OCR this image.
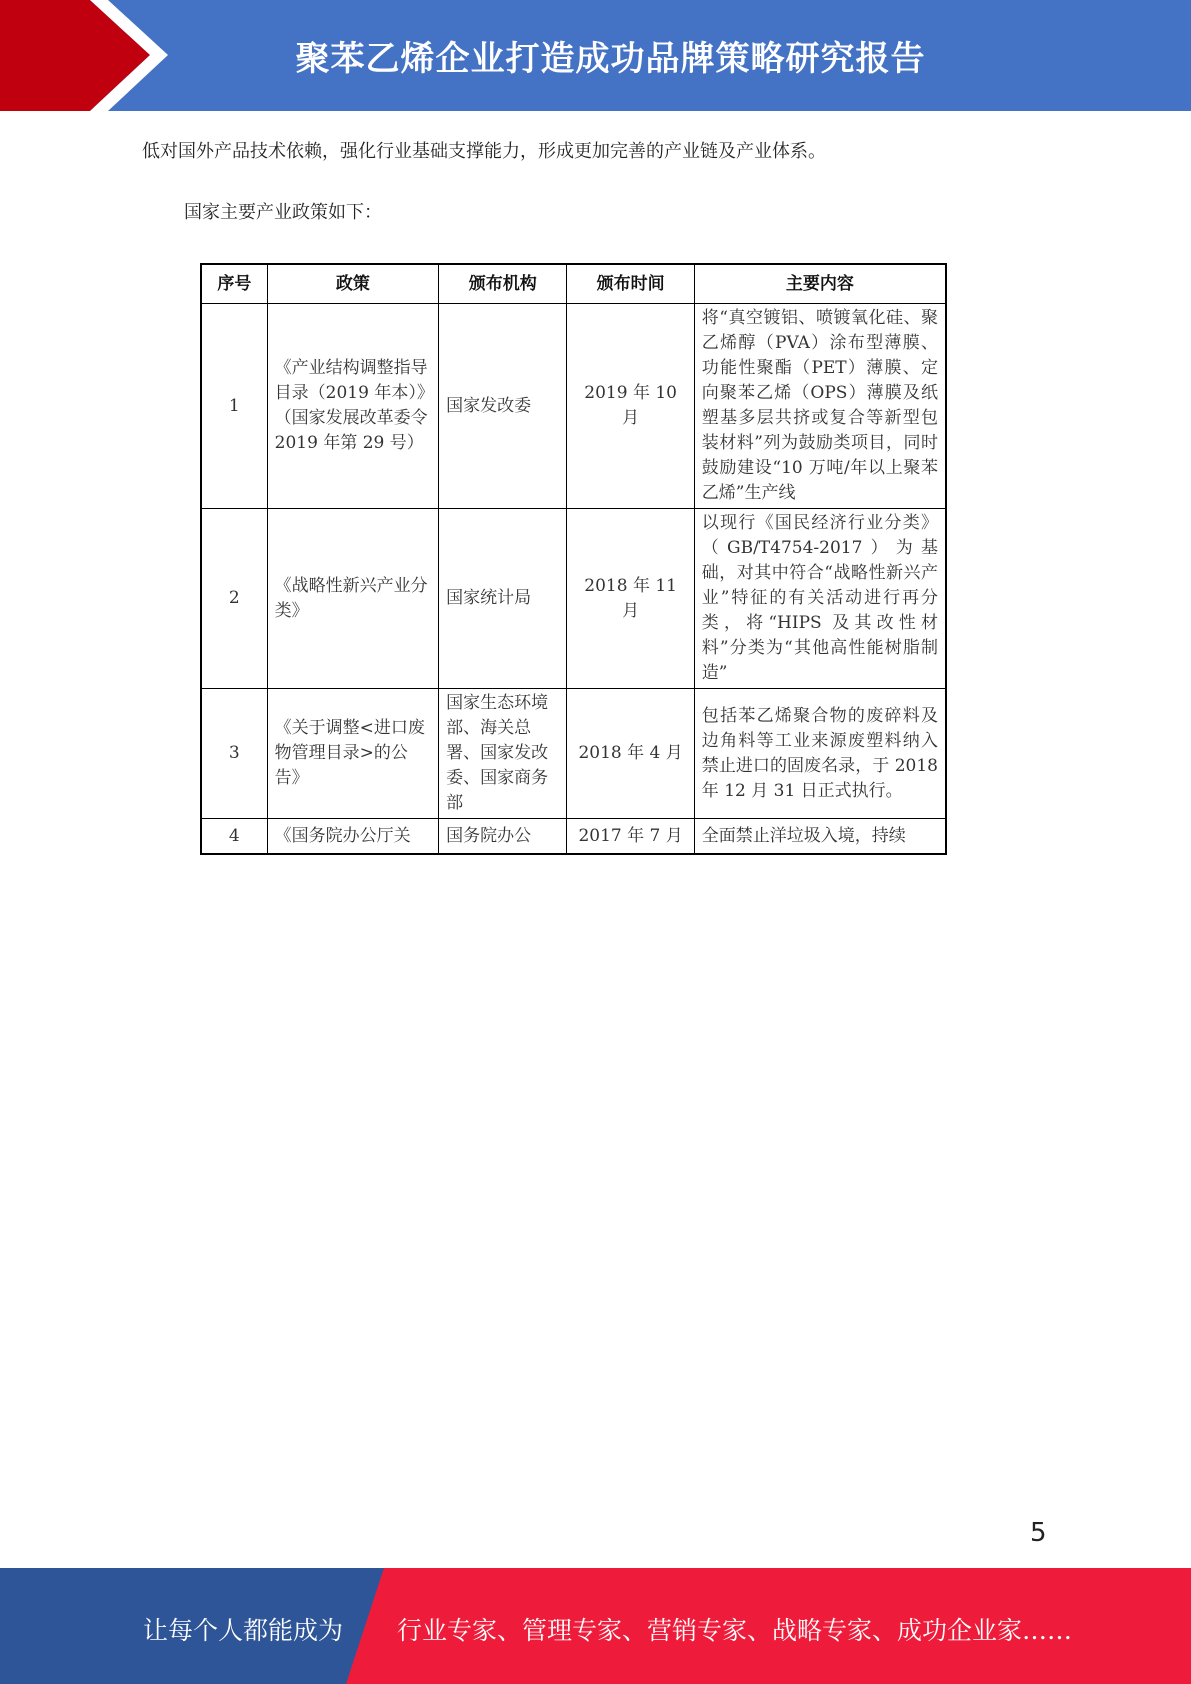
聚苯乙烯企业打造成功品牌策略研究报告
低对国外产品技术依赖，强化行业基础支撑能力，形成更加完善的产业链及产业体系。
国家主要产业政策如下：
序号	政策	颁布机构	颁布时间	主要内容
1	《产业结构调整指导目录（2019 年本）》（国家发展改革委令 2019 年第 29 号）	国家发改委	2019 年 10 月	将“真空镀铝、喷镀氧化硅、聚乙烯醇（PVA）涂布型薄膜、功能性聚酯（PET）薄膜、定向聚苯乙烯（OPS）薄膜及纸塑基多层共挤或复合等新型包装材料”列为鼓励类项目，同时鼓励建设“10 万吨/年以上聚苯乙烯”生产线
2	《战略性新兴产业分类》	国家统计局	2018 年 11 月	以现行《国民经济行业分类》（GB/T4754-2017）为基础，对其中符合“战略性新兴产业”特征的有关活动进行再分类，将“HIPS 及其改性材料”分类为“其他高性能树脂制造”
3	《关于调整<进口废物管理目录>的公告》	国家生态环境部、海关总署、国家发改委、国家商务部	2018 年 4 月	包括苯乙烯聚合物的废碎料及边角料等工业来源废塑料纳入禁止进口的固废名录，于 2018 年 12 月 31 日正式执行。
4	《国务院办公厅关	国务院办公	2017 年 7 月	全面禁止洋垃圾入境，持续
5
让每个人都能成为 行业专家、管理专家、营销专家、战略专家、成功企业家……
